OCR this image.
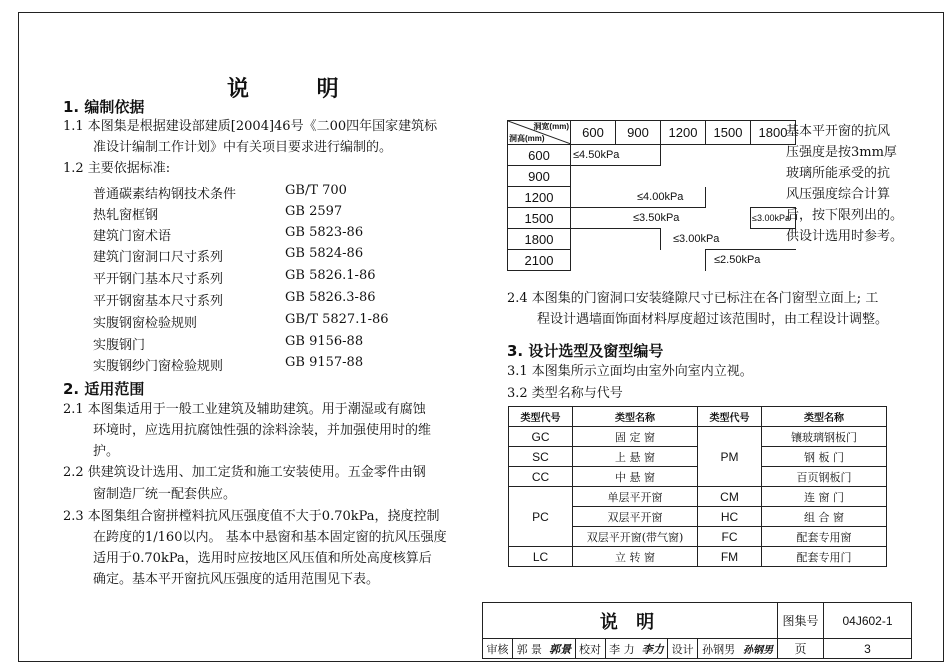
说 明
1. 编制依据
1.1 本图集是根据建设部建质[2004]46号《二00四年国家建筑标
准设计编制工作计划》中有关项目要求进行编制的。
1.2 主要依据标准:
普通碳素结构钢技术条件	GB/T 700
热轧窗框钢	GB 2597
建筑门窗术语	GB 5823-86
建筑门窗洞口尺寸系列	GB 5824-86
平开钢门基本尺寸系列	GB 5826.1-86
平开钢窗基本尺寸系列	GB 5826.3-86
实腹钢窗检验规则	GB/T 5827.1-86
实腹钢门	GB 9156-88
实腹钢纱门窗检验规则	GB 9157-88
2. 适用范围
2.1 本图集适用于一般工业建筑及辅助建筑。用于潮湿或有腐蚀
环境时，应选用抗腐蚀性强的涂料涂装，并加强使用时的维
护。
2.2 供建筑设计选用、加工定货和施工安装使用。五金零件由钢
窗制造厂统一配套供应。
2.3 本图集组合窗拼樘料抗风压强度值不大于0.70kPa，挠度控制
在跨度的1/160以内。 基本中悬窗和基本固定窗的抗风压强度
适用于0.70kPa，选用时应按地区风压值和所处高度核算后
确定。基本平开窗抗风压强度的适用范围见下表。
洞宽(mm)
洞高(mm)	600	900	1200	1500	1800
600	≤4.50kPa				
900					
1200	≤4.00kPa				
1500	≤3.50kPa				≤3.00kPa
1800			≤3.00kPa		
2100				≤2.50kPa	
基本平开窗的抗风
压强度是按3mm厚
玻璃所能承受的抗
风压强度综合计算
后，按下限列出的。
供设计选用时参考。
2.4 本图集的门窗洞口安装缝隙尺寸已标注在各门窗型立面上; 工
程设计遇墙面饰面材料厚度超过该范围时，由工程设计调整。
3. 设计选型及窗型编号
3.1 本图集所示立面均由室外向室内立视。
3.2 类型名称与代号
类型代号	类型名称	类型代号	类型名称
GC	固 定 窗	PM	镶玻璃钢板门
SC	上 悬 窗		钢 板 门
CC	中 悬 窗		百页钢板门
PC	单层平开窗	CM	连 窗 门
	双层平开窗	HC	组 合 窗
	双层平开窗(带气窗)	FC	配套专用窗
LC	立 转 窗	FM	配套专用门
说 明									图集号	04J602-1
审核	郭 景	郭景	校对	李 力	李力	设计	孙钢男	孙钢男	页	3
